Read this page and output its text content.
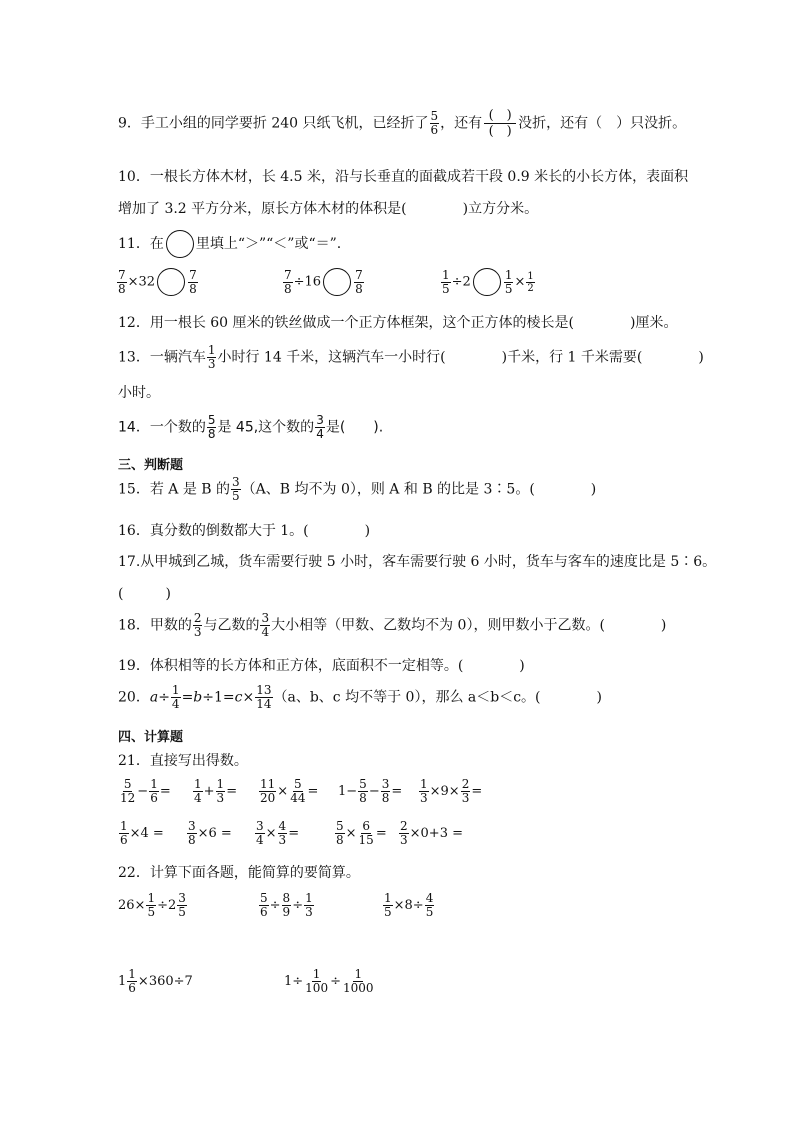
9．手工小组的同学要折 240 只纸飞机，已经折了 $\frac{5}{6}$ ，还有 (　)
(　) 没折，还有（　）只没折。
10．一根长方体木材，长 4.5 米，沿与长垂直的面截成若干段 0.9 米长的小长方体，表面积
增加了 3.2 平方分米，原长方体木材的体积是(　　　　)立方分米。
11．在 里填上“＞”“＜”或“＝”.
$\frac{7}{8} \times 32$	$\frac{7}{8}$	$\frac{7}{8} \div 16$	$\frac{7}{8}$	$\frac{1}{5} \div 2$	$\frac{1}{5} \times \frac{1}{2}$
12．用一根长 60 厘米的铁丝做成一个正方体框架，这个正方体的棱长是(　　　　)厘米。
13．一辆汽车 $\frac{1}{3}$ 小时行 14 千米，这辆汽车一小时行(　　　　)千米，行 1 千米需要(　　　　)
小时。
14．一个数的 $\frac{5}{8}$ 是 45,这个数的 $\frac{3}{4}$ 是(　　).
三、判断题
15．若 A 是 B 的 $\frac{3}{5} (A$、B 均不为 0），则 A 和 B 的比是 3∶5。(　　　　)
16．真分数的倒数都大于 1。(　　　　)
17.从甲城到乙城，货车需要行驶 5 小时，客车需要行驶 6 小时，货车与客车的速度比是 5∶6。
(　　　)
18．甲数的 $\frac{2}{3}$ 与乙数的 $\frac{3}{4}$ 大小相等（甲数、乙数均不为 0），则甲数小于乙数。(　　　　)
19．体积相等的长方体和正方体，底面积不一定相等。(　　　　)
20．$a\div \frac{1}{4} =b\div 1=c\times \frac{13}{14} (a$、b、c 均不等于 0），那么 a＜b＜c。(　　　　)
四、计算题
21．直接写出得数。
$\frac{5}{12} - \frac{1}{6} = \frac{1}{4} + \frac{1}{3} = \frac{11}{20} \times \frac{5}{44} = 1- \frac{5}{8} - \frac{3}{8} = \frac{1}{3} \times 9\times \frac{2}{3}$ =
$\frac{1}{6} \times 4 = \frac{3}{8} \times 6 = \frac{3}{4} \times \frac{4}{3}$ =	$\frac{5}{8} \times \frac{6}{15} = \frac{2}{3} \times 0+3$ =
22．计算下面各题，能简算的要简算。
$26\times \frac{1}{5} \div 2 \frac{3}{5}$	$\frac{5}{6} \div \frac{8}{9} \div \frac{1}{3}$	$\frac{1}{5} \times 8\div \frac{4}{5}$
$1 \frac{1}{6} \times 360\div 7$	$1\div \frac{1}{100} \div \frac{1}{1000}$
